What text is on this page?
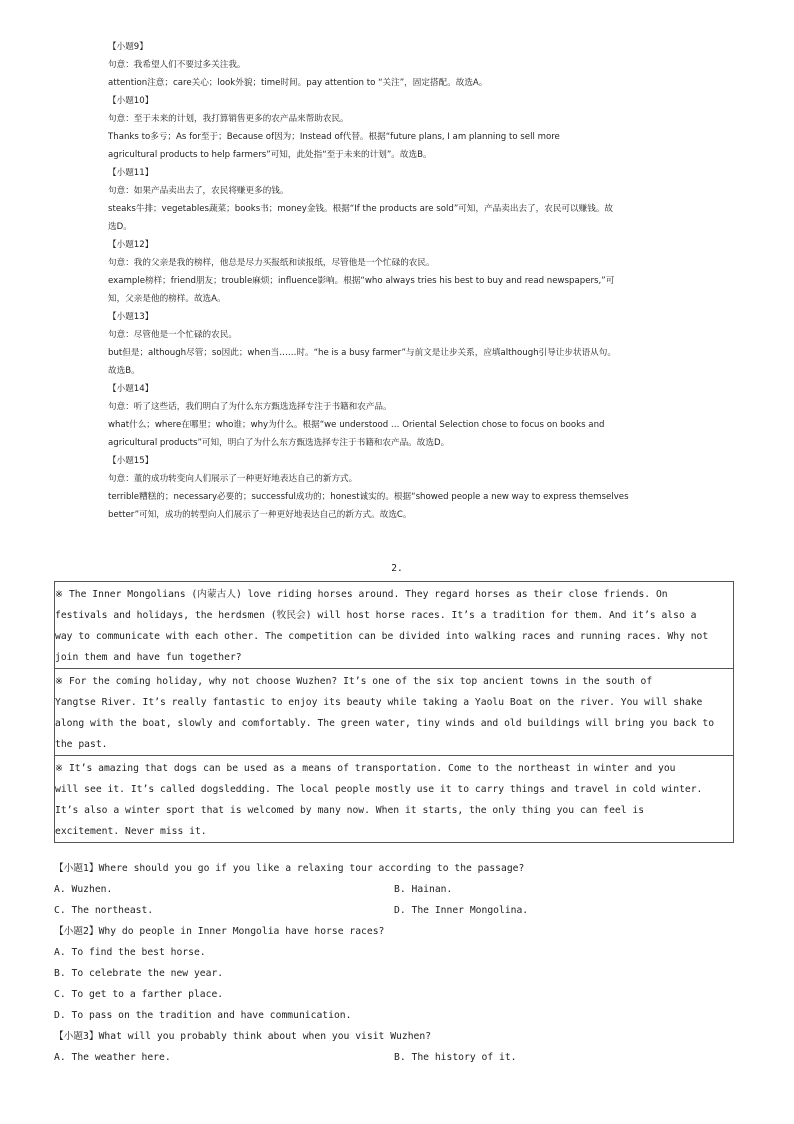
【小题9】
句意：我希望人们不要过多关注我。
attention注意；care关心；look外貌；time时间。pay attention to “关注”，固定搭配。故选A。
【小题10】
句意：至于未来的计划，我打算销售更多的农产品来帮助农民。
Thanks to多亏；As for至于；Because of因为；Instead of代替。根据“future plans, I am planning to sell more
agricultural products to help farmers”可知，此处指“至于未来的计划”。故选B。
【小题11】
句意：如果产品卖出去了，农民将赚更多的钱。
steaks牛排；vegetables蔬菜；books书；money金钱。根据“If the products are sold”可知，产品卖出去了，农民可以赚钱。故
选D。
【小题12】
句意：我的父亲是我的榜样，他总是尽力买报纸和读报纸，尽管他是一个忙碌的农民。
example榜样；friend朋友；trouble麻烦；influence影响。根据“who always tries his best to buy and read newspapers,”可
知，父亲是他的榜样。故选A。
【小题13】
句意：尽管他是一个忙碌的农民。
but但是；although尽管；so因此；when当……时。“he is a busy farmer”与前文是让步关系，应填although引导让步状语从句。
故选B。
【小题14】
句意：听了这些话，我们明白了为什么东方甄选选择专注于书籍和农产品。
what什么；where在哪里；who谁；why为什么。根据“we understood … Oriental Selection chose to focus on books and
agricultural products”可知，明白了为什么东方甄选选择专注于书籍和农产品。故选D。
【小题15】
句意：董的成功转变向人们展示了一种更好地表达自己的新方式。
terrible糟糕的；necessary必要的；successful成功的；honest诚实的。根据“showed people a new way to express themselves
better”可知，成功的转型向人们展示了一种更好地表达自己的新方式。故选C。
2.
※ The Inner Mongolians (内蒙古人) love riding horses around. They regard horses as their close friends. On
festivals and holidays, the herdsmen (牧民会) will host horse races. It’s a tradition for them. And it’s also a
way to communicate with each other. The competition can be divided into walking races and running races. Why not
join them and have fun together?
※ For the coming holiday, why not choose Wuzhen? It’s one of the six top ancient towns in the south of
Yangtse River. It’s really fantastic to enjoy its beauty while taking a Yaolu Boat on the river. You will shake
along with the boat, slowly and comfortably. The green water, tiny winds and old buildings will bring you back to
the past.
※ It’s amazing that dogs can be used as a means of transportation. Come to the northeast in winter and you
will see it. It’s called dogsledding. The local people mostly use it to carry things and travel in cold winter.
It’s also a winter sport that is welcomed by many now. When it starts, the only thing you can feel is
excitement. Never miss it.
【小题1】Where should you go if you like a relaxing tour according to the passage?
A. Wuzhen.	B. Hainan.
C. The northeast.	D. The Inner Mongolina.
【小题2】Why do people in Inner Mongolia have horse races?
A. To find the best horse.
B. To celebrate the new year.
C. To get to a farther place.
D. To pass on the tradition and have communication.
【小题3】What will you probably think about when you visit Wuzhen?
A. The weather here.	B. The history of it.
